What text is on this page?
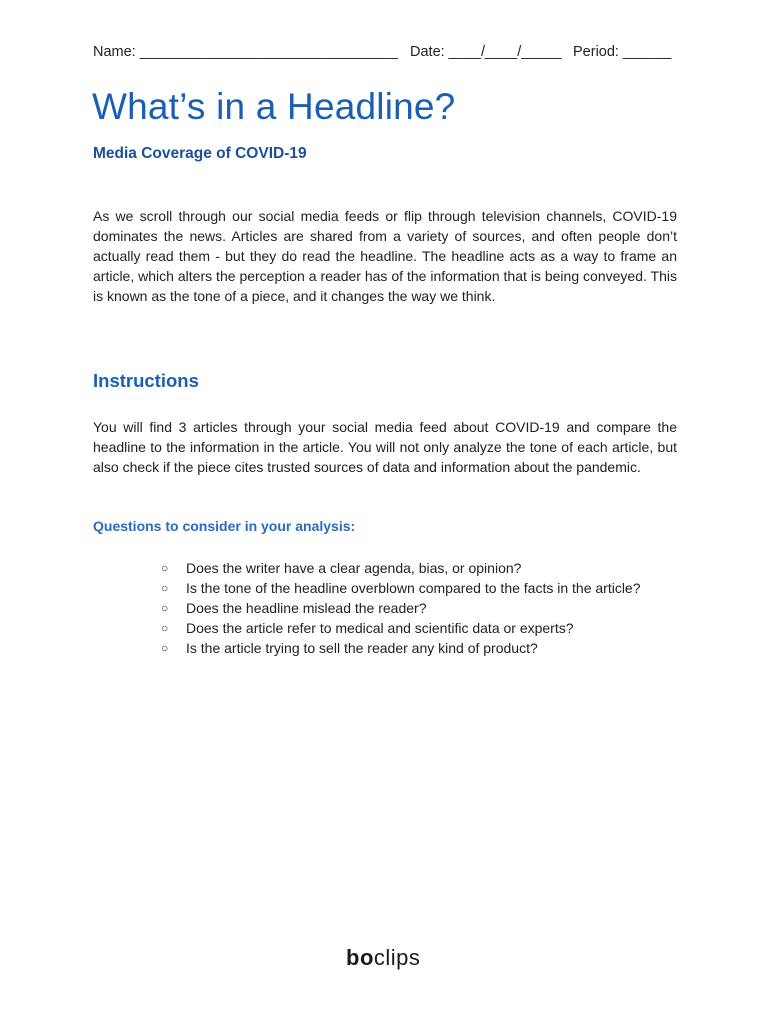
Name: ________________________________ Date: ____/____/_____ Period: ______
What’s in a Headline?
Media Coverage of COVID-19

As we scroll through our social media feeds or flip through television channels, COVID-19 dominates the news. Articles are shared from a variety of sources, and often people don’t actually read them - but they do read the headline. The headline acts as a way to frame an article, which alters the perception a reader has of the information that is being conveyed. This is known as the tone of a piece, and it changes the way we think.

Instructions

You will find 3 articles through your social media feed about COVID-19 and compare the headline to the information in the article. You will not only analyze the tone of each article, but also check if the piece cites trusted sources of data and information about the pandemic.

Questions to consider in your analysis:
○ Does the writer have a clear agenda, bias, or opinion?
○ Is the tone of the headline overblown compared to the facts in the article?
○ Does the headline mislead the reader?
○ Does the article refer to medical and scientific data or experts?
○ Is the article trying to sell the reader any kind of product?
boclips
